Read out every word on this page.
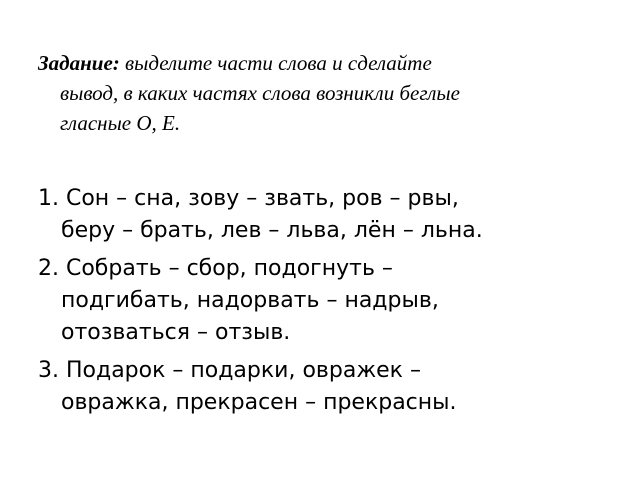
Задание: выделите части слова и сделайте
вывод, в каких частях слова возникли беглые
гласные О, Е.

1. Сон – сна, зову – звать, ров – рвы,
беру – брать, лев – льва, лён – льна.
2. Собрать – сбор, подогнуть –
подгибать, надорвать – надрыв,
отозваться – отзыв.
3. Подарок – подарки, овражек –
овражка, прекрасен – прекрасны.
